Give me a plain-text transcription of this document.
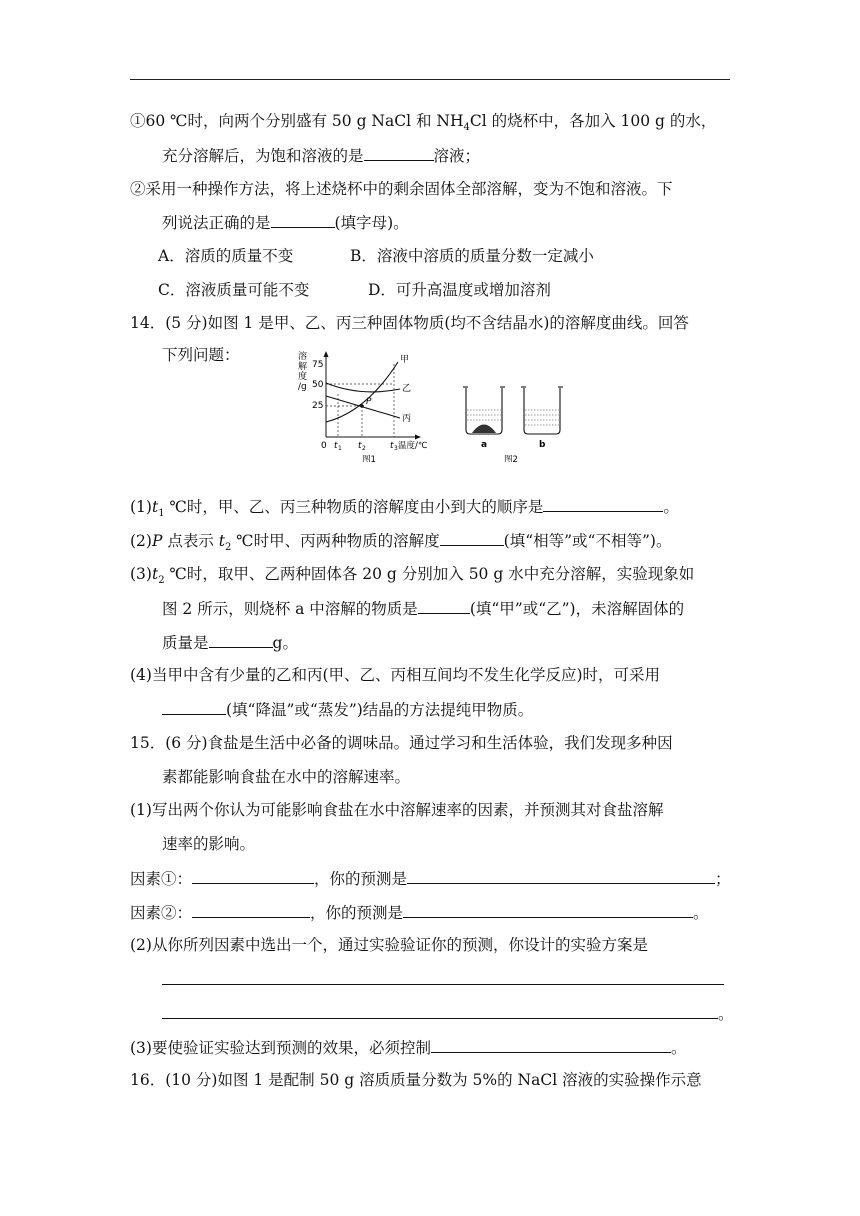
①60 ℃时，向两个分别盛有 50 g NaCl 和 $NH_4Cl$ 的烧杯中，各加入 100 g 的水，
充分溶解后，为饱和溶液的是	溶液；
②采用一种操作方法，将上述烧杯中的剩余固体全部溶解，变为不饱和溶液。下
列说法正确的是	(填字母)。
A．溶质的质量不变	B．溶液中溶质的质量分数一定减小
C．溶液质量可能不变	D．可升高温度或增加溶剂
14．(5 分)如图 1 是甲、乙、丙三种固体物质(均不含结晶水)的溶解度曲线。回答
下列问题：	溶
解
度
/g
75
50
25
0
甲
乙
丙
P
t 1 t 2	t 3 温度/℃
图1
a	b
图2
$(1)t_1$ ℃时，甲、乙、丙三种物质的溶解度由小到大的顺序是	。
(2)P 点表示 $t_2$ ℃时甲、丙两种物质的溶解度	(填“相等”或“不相等”)。
$(3)t_2$ ℃时，取甲、乙两种固体各 20 g 分别加入 50 g 水中充分溶解，实验现象如
图 2 所示，则烧杯 a 中溶解的物质是	(填“甲”或“乙”)，未溶解固体的
质量是	g。
(4)当甲中含有少量的乙和丙(甲、乙、丙相互间均不发生化学反应)时，可采用
(填“降温”或“蒸发”)结晶的方法提纯甲物质。
15．(6 分)食盐是生活中必备的调味品。通过学习和生活体验，我们发现多种因
素都能影响食盐在水中的溶解速率。
(1)写出两个你认为可能影响食盐在水中溶解速率的因素，并预测其对食盐溶解
速率的影响。
因素①：	，你的预测是	；
因素②：	，你的预测是	。
(2)从你所列因素中选出一个，通过实验验证你的预测，你设计的实验方案是
。
(3)要使验证实验达到预测的效果，必须控制	。
16．(10 分)如图 1 是配制 50 g 溶质质量分数为 5%的 NaCl 溶液的实验操作示意
